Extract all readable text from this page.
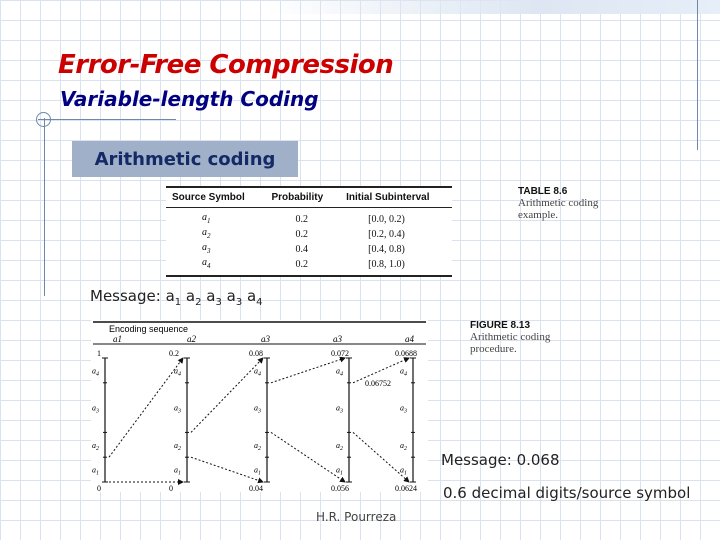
Error-Free Compression
Variable-length Coding
Arithmetic coding
Source Symbol	Probability	Initial Subinterval
$a_1$	0.2	[0.0, 0.2)
$a_2$	0.2	[0.2, 0.4)
$a_3$	0.4	[0.4, 0.8)
$a_4$	0.2	[0.8, 1.0)
TABLE 8.6
Arithmetic coding
example.
Message: $a_1$ $a_2$ $a_3$ $a_3$ $a_4$
Encoding sequence
a1	a2	a3	a3	a4
$a_4$
$a_3$
$a_2$
$a_1$
1
0
$a_4$
$a_3$
$a_2$
$a_1$
0.2
0
$a_4$
$a_3$
$a_2$
$a_1$
0.08
0.04
$a_4$
$a_3$
$a_2$
$a_1$
0.072
0.056
$a_4$
$a_3$
$a_2$
$a_1$
0.0688
0.0624
0.06752
FIGURE 8.13
Arithmetic coding
procedure.
Message: 0.068
0.6 decimal digits/source symbol
H.R. Pourreza
